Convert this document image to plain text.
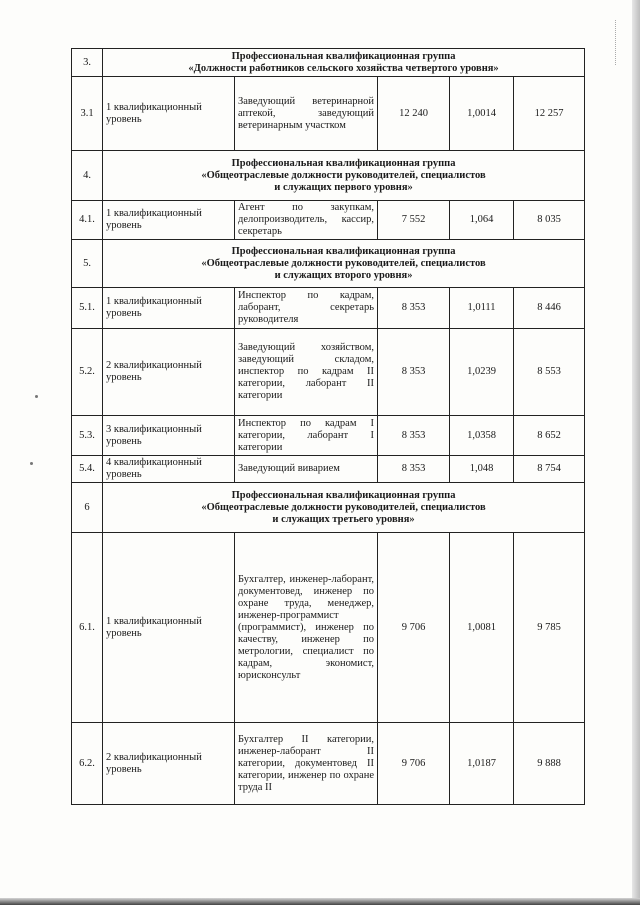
3.	Профессиональная квалификационная группа
«Должности работников сельского хозяйства четвертого уровня»				

3.1	1 квалификационный уровень	Заведующий ветеринарной аптекой, заведующий ветеринарным участком	12 240	1,0014	12 257
4.	Профессиональная квалификационная группа
«Общеотраслевые должности руководителей, специалистов
и служащих первого уровня»				

4.1.	1 квалификационный уровень	Агент по закупкам, делопроизводитель, кассир, секретарь	7 552	1,064	8 035
5.	Профессиональная квалификационная группа
«Общеотраслевые должности руководителей, специалистов
и служащих второго уровня»				

5.1.	1 квалификационный уровень	Инспектор по кадрам, лаборант, секретарь руководителя	8 353	1,0111	8 446
5.2.	2 квалификационный уровень	Заведующий хозяйством, заведующий складом, инспектор по кадрам II категории, лаборант II категории	8 353	1,0239	8 553
5.3.	3 квалификационный уровень	Инспектор по кадрам I категории, лаборант I категории	8 353	1,0358	8 652
5.4.	4 квалификационный уровень	Заведующий виварием	8 353	1,048	8 754
6	Профессиональная квалификационная группа
«Общеотраслевые должности руководителей, специалистов
и служащих третьего уровня»				

6.1.	1 квалификационный уровень	Бухгалтер, инженер-лаборант, документовед, инженер по охране труда, менеджер, инженер-программист (программист), инженер по качеству, инженер по метрологии, специалист по кадрам, экономист, юрисконсульт	9 706	1,0081	9 785
6.2.	2 квалификационный уровень	Бухгалтер II категории, инженер-лаборант II категории, документовед II категории, инженер по охране труда II	9 706	1,0187	9 888
